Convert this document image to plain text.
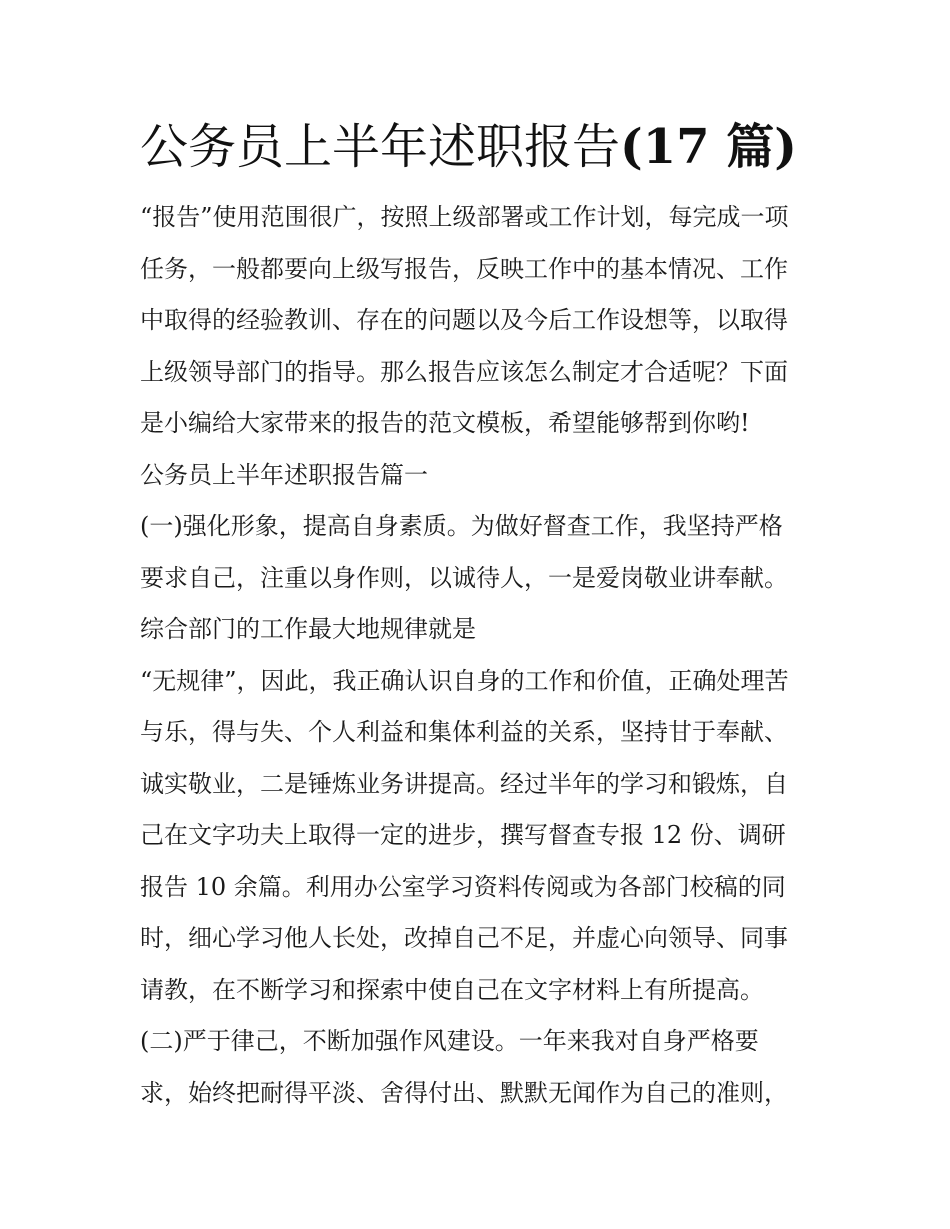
公务员上半年述职报告(17 篇)
“报告”使用范围很广，按照上级部署或工作计划，每完成一项
任务，一般都要向上级写报告，反映工作中的基本情况、工作
中取得的经验教训、存在的问题以及今后工作设想等，以取得
上级领导部门的指导。那么报告应该怎么制定才合适呢？下面
是小编给大家带来的报告的范文模板，希望能够帮到你哟!
公务员上半年述职报告篇一
(一)强化形象，提高自身素质。为做好督查工作，我坚持严格
要求自己，注重以身作则，以诚待人，一是爱岗敬业讲奉献。
综合部门的工作最大地规律就是
“无规律”，因此，我正确认识自身的工作和价值，正确处理苦
与乐，得与失、个人利益和集体利益的关系，坚持甘于奉献、
诚实敬业，二是锤炼业务讲提高。经过半年的学习和锻炼，自
己在文字功夫上取得一定的进步，撰写督查专报 12 份、调研
报告 10 余篇。利用办公室学习资料传阅或为各部门校稿的同
时，细心学习他人长处，改掉自己不足，并虚心向领导、同事
请教，在不断学习和探索中使自己在文字材料上有所提高。
(二)严于律己，不断加强作风建设。一年来我对自身严格要
求，始终把耐得平淡、舍得付出、默默无闻作为自己的准则，
